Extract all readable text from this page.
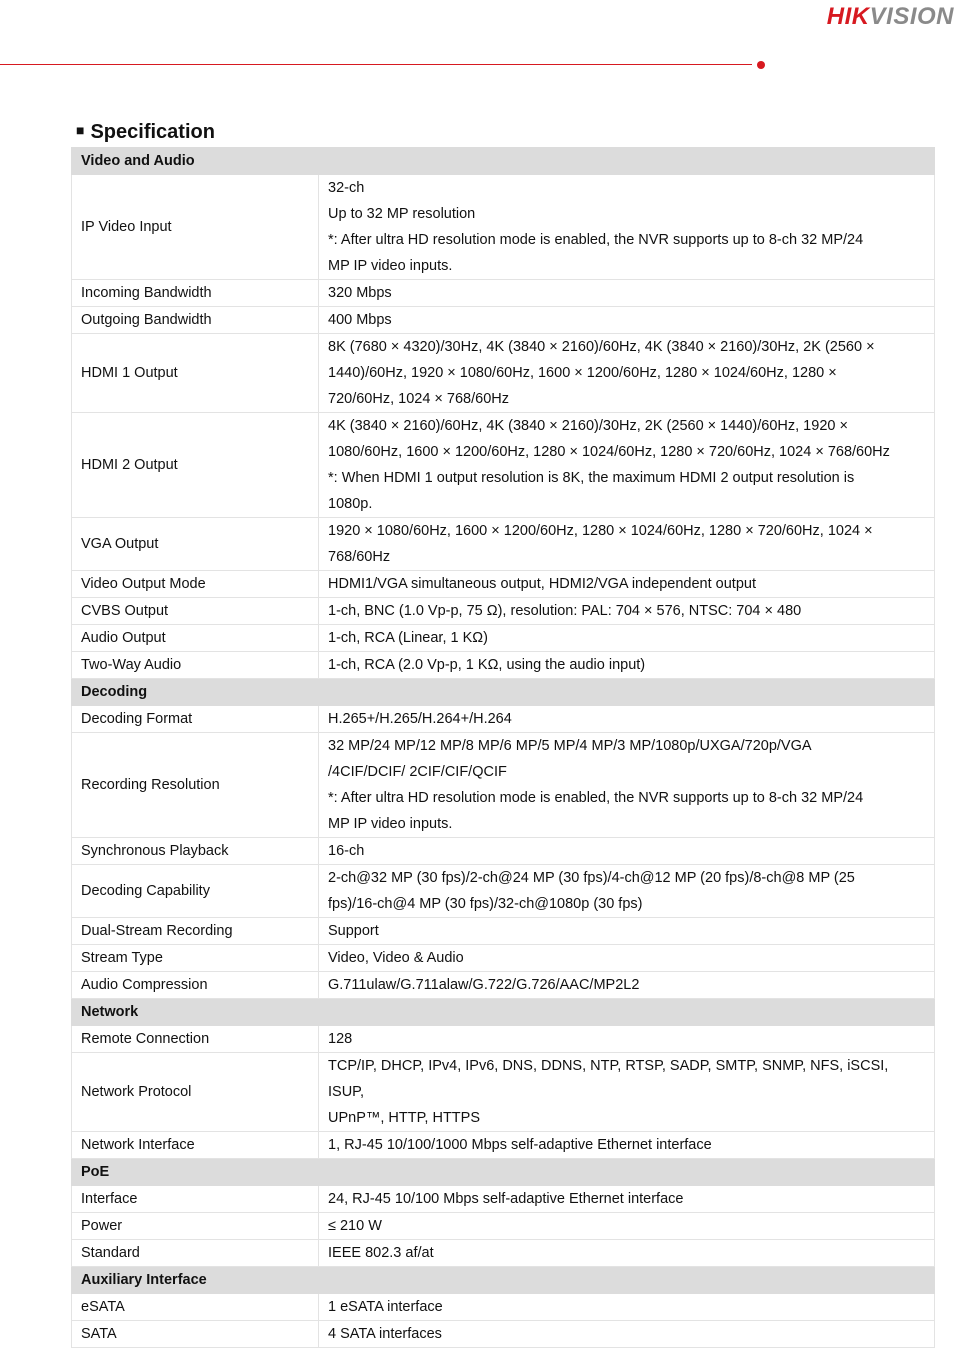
HIKVISION
■ Specification
Video and Audio	
IP Video Input	32-ch
Up to 32 MP resolution
*: After ultra HD resolution mode is enabled, the NVR supports up to 8-ch 32 MP/24
MP IP video inputs.

Incoming Bandwidth	320 Mbps

Outgoing Bandwidth	400 Mbps

HDMI 1 Output	8K (7680 × 4320)/30Hz, 4K (3840 × 2160)/60Hz, 4K (3840 × 2160)/30Hz, 2K (2560 ×
1440)/60Hz, 1920 × 1080/60Hz, 1600 × 1200/60Hz, 1280 × 1024/60Hz, 1280 ×
720/60Hz, 1024 × 768/60Hz

HDMI 2 Output	4K (3840 × 2160)/60Hz, 4K (3840 × 2160)/30Hz, 2K (2560 × 1440)/60Hz, 1920 ×
1080/60Hz, 1600 × 1200/60Hz, 1280 × 1024/60Hz, 1280 × 720/60Hz, 1024 × 768/60Hz
*: When HDMI 1 output resolution is 8K, the maximum HDMI 2 output resolution is
1080p.

VGA Output	1920 × 1080/60Hz, 1600 × 1200/60Hz, 1280 × 1024/60Hz, 1280 × 720/60Hz, 1024 ×
768/60Hz

Video Output Mode	HDMI1/VGA simultaneous output, HDMI2/VGA independent output

CVBS Output	1-ch, BNC (1.0 Vp-p, 75 Ω), resolution: PAL: 704 × 576, NTSC: 704 × 480

Audio Output	1-ch, RCA (Linear, 1 KΩ)

Two-Way Audio	1-ch, RCA (2.0 Vp-p, 1 KΩ, using the audio input)

Decoding	
Decoding Format	H.265+/H.265/H.264+/H.264

Recording Resolution	32 MP/24 MP/12 MP/8 MP/6 MP/5 MP/4 MP/3 MP/1080p/UXGA/720p/VGA
/4CIF/DCIF/ 2CIF/CIF/QCIF
*: After ultra HD resolution mode is enabled, the NVR supports up to 8-ch 32 MP/24
MP IP video inputs.

Synchronous Playback	16-ch

Decoding Capability	2-ch@32 MP (30 fps)/2-ch@24 MP (30 fps)/4-ch@12 MP (20 fps)/8-ch@8 MP (25
fps)/16-ch@4 MP (30 fps)/32-ch@1080p (30 fps)

Dual-Stream Recording	Support

Stream Type	Video, Video & Audio

Audio Compression	G.711ulaw/G.711alaw/G.722/G.726/AAC/MP2L2

Network	
Remote Connection	128

Network Protocol	TCP/IP, DHCP, IPv4, IPv6, DNS, DDNS, NTP, RTSP, SADP, SMTP, SNMP, NFS, iSCSI, ISUP,
UPnP™, HTTP, HTTPS

Network Interface	1, RJ-45 10/100/1000 Mbps self-adaptive Ethernet interface

PoE	
Interface	24, RJ-45 10/100 Mbps self-adaptive Ethernet interface

Power	≤ 210 W

Standard	IEEE 802.3 af/at

Auxiliary Interface	
eSATA	1 eSATA interface

SATA	4 SATA interfaces
